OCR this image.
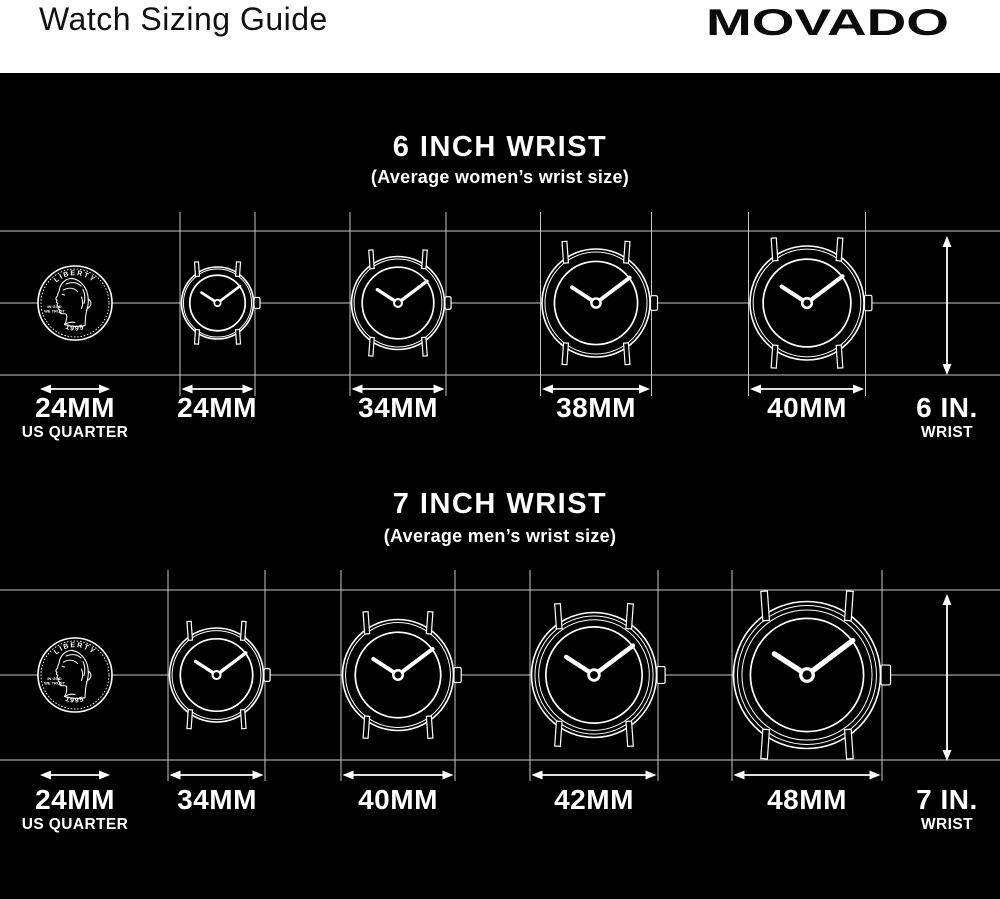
Watch Sizing Guide	MOVADO
LIBERTY
1995
IN GOD
WE TRUST
LIBERTY
1995
IN GOD
WE TRUST
6 INCH WRIST
(Average women’s wrist size)
24MM
US QUARTER
24MM	34MM	38MM	40MM 6 IN.
WRIST
7 INCH WRIST
(Average men’s wrist size)
24MM
US QUARTER
34MM	40MM	42MM	48MM 7 IN.
WRIST
